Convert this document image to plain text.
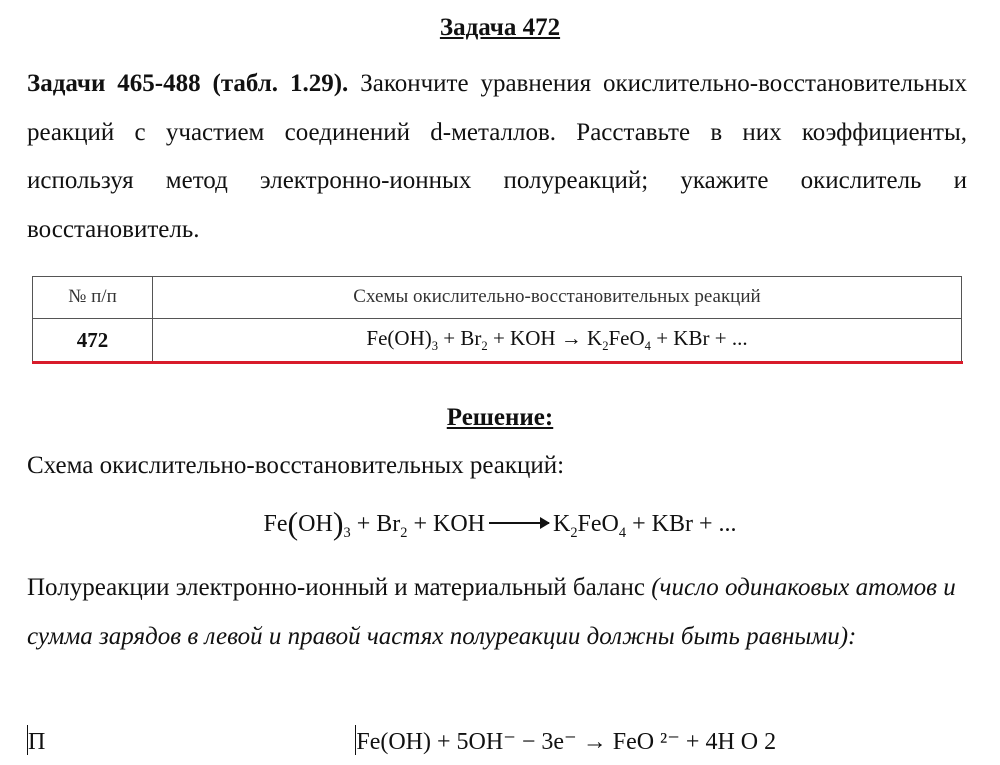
Задача 472
Задачи 465-488 (табл. 1.29). Закончите уравнения окислительно-восстановительных реакций с участием соединений d-металлов. Расставьте в них коэффициенты, используя метод электронно-ионных полуреакций; укажите окислитель и восстановитель.
№ п/п	Схемы окислительно-восстановительных реакций
472	$Fe(OH)_3 + Br_2$ + KOH → $K_2FeO_4$ + KBr + ...
Решение:
Схема окислительно-восстановительных реакций:
$Fe(OH)_3 + Br_2$ + KOH → $K_2FeO_4$ + KBr + ...
Полуреакции электронно-ионный и материальный баланс (число одинаковых атомов и сумма зарядов в левой и правой частях полуреакции должны быть равными):
П	Fe(OH) + 5OH⁻ − 3e⁻ → FeO ²⁻ + 4H O 2
